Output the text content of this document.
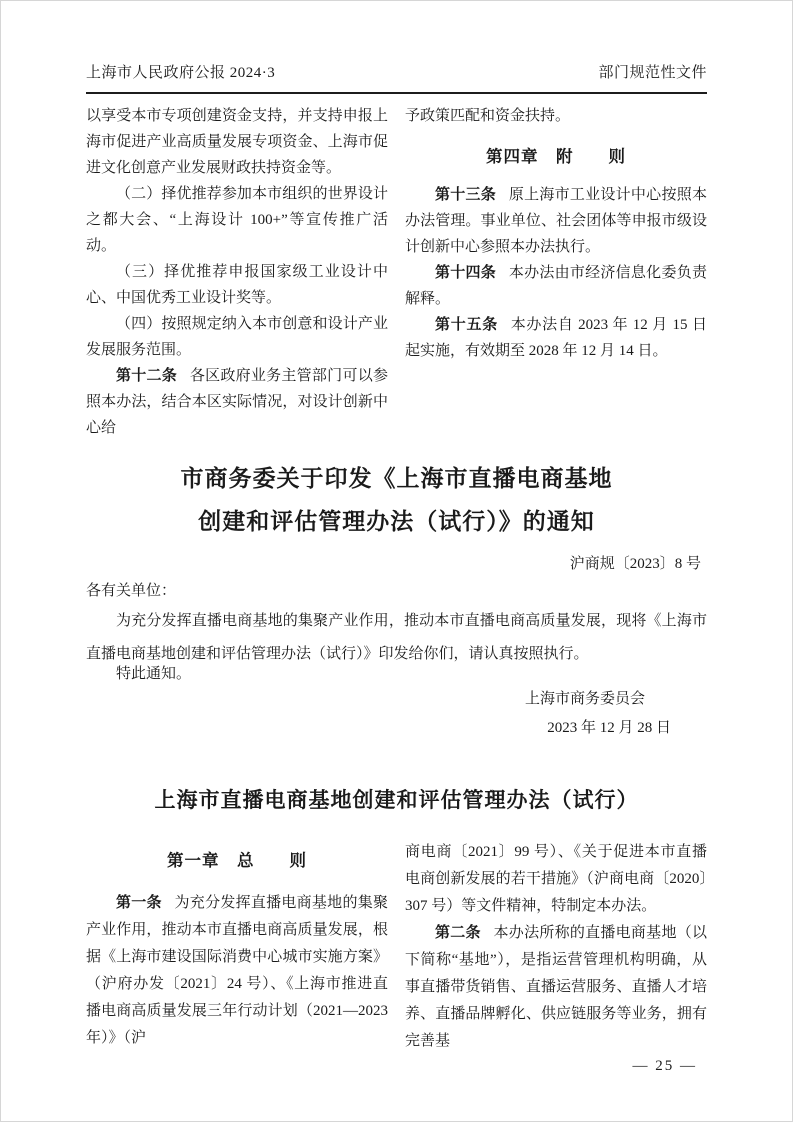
上海市人民政府公报 2024·3	部门规范性文件

以享受本市专项创建资金支持，并支持申报上海市促进产业高质量发展专项资金、上海市促进文化创意产业发展财政扶持资金等。

（二）择优推荐参加本市组织的世界设计之都大会、“上海设计 100+”等宣传推广活动。

（三）择优推荐申报国家级工业设计中心、中国优秀工业设计奖等。

（四）按照规定纳入本市创意和设计产业发展服务范围。

第十二条 各区政府业务主管部门可以参照本办法，结合本区实际情况，对设计创新中心给

予政策匹配和资金扶持。

第四章　附　　则

第十三条 原上海市工业设计中心按照本办法管理。事业单位、社会团体等申报市级设计创新中心参照本办法执行。

第十四条 本办法由市经济信息化委负责解释。

第十五条 本办法自 2023 年 12 月 15 日起实施，有效期至 2028 年 12 月 14 日。

市商务委关于印发《上海市直播电商基地
创建和评估管理办法（试行）》的通知
沪商规〔2023〕8 号

各有关单位：

为充分发挥直播电商基地的集聚产业作用，推动本市直播电商高质量发展，现将《上海市直播电商基地创建和评估管理办法（试行）》印发给你们，请认真按照执行。

特此通知。

上海市商务委员会
2023 年 12 月 28 日
上海市直播电商基地创建和评估管理办法（试行）
第一章　总　　则

第一条 为充分发挥直播电商基地的集聚产业作用，推动本市直播电商高质量发展，根据《上海市建设国际消费中心城市实施方案》（沪府办发〔2021〕24 号）、《上海市推进直播电商高质量发展三年行动计划（2021—2023 年）》（沪

商电商〔2021〕99 号）、《关于促进本市直播电商创新发展的若干措施》（沪商电商〔2020〕307 号）等文件精神，特制定本办法。

第二条 本办法所称的直播电商基地（以下简称“基地”），是指运营管理机构明确，从事直播带货销售、直播运营服务、直播人才培养、直播品牌孵化、供应链服务等业务，拥有完善基

— 25 —
